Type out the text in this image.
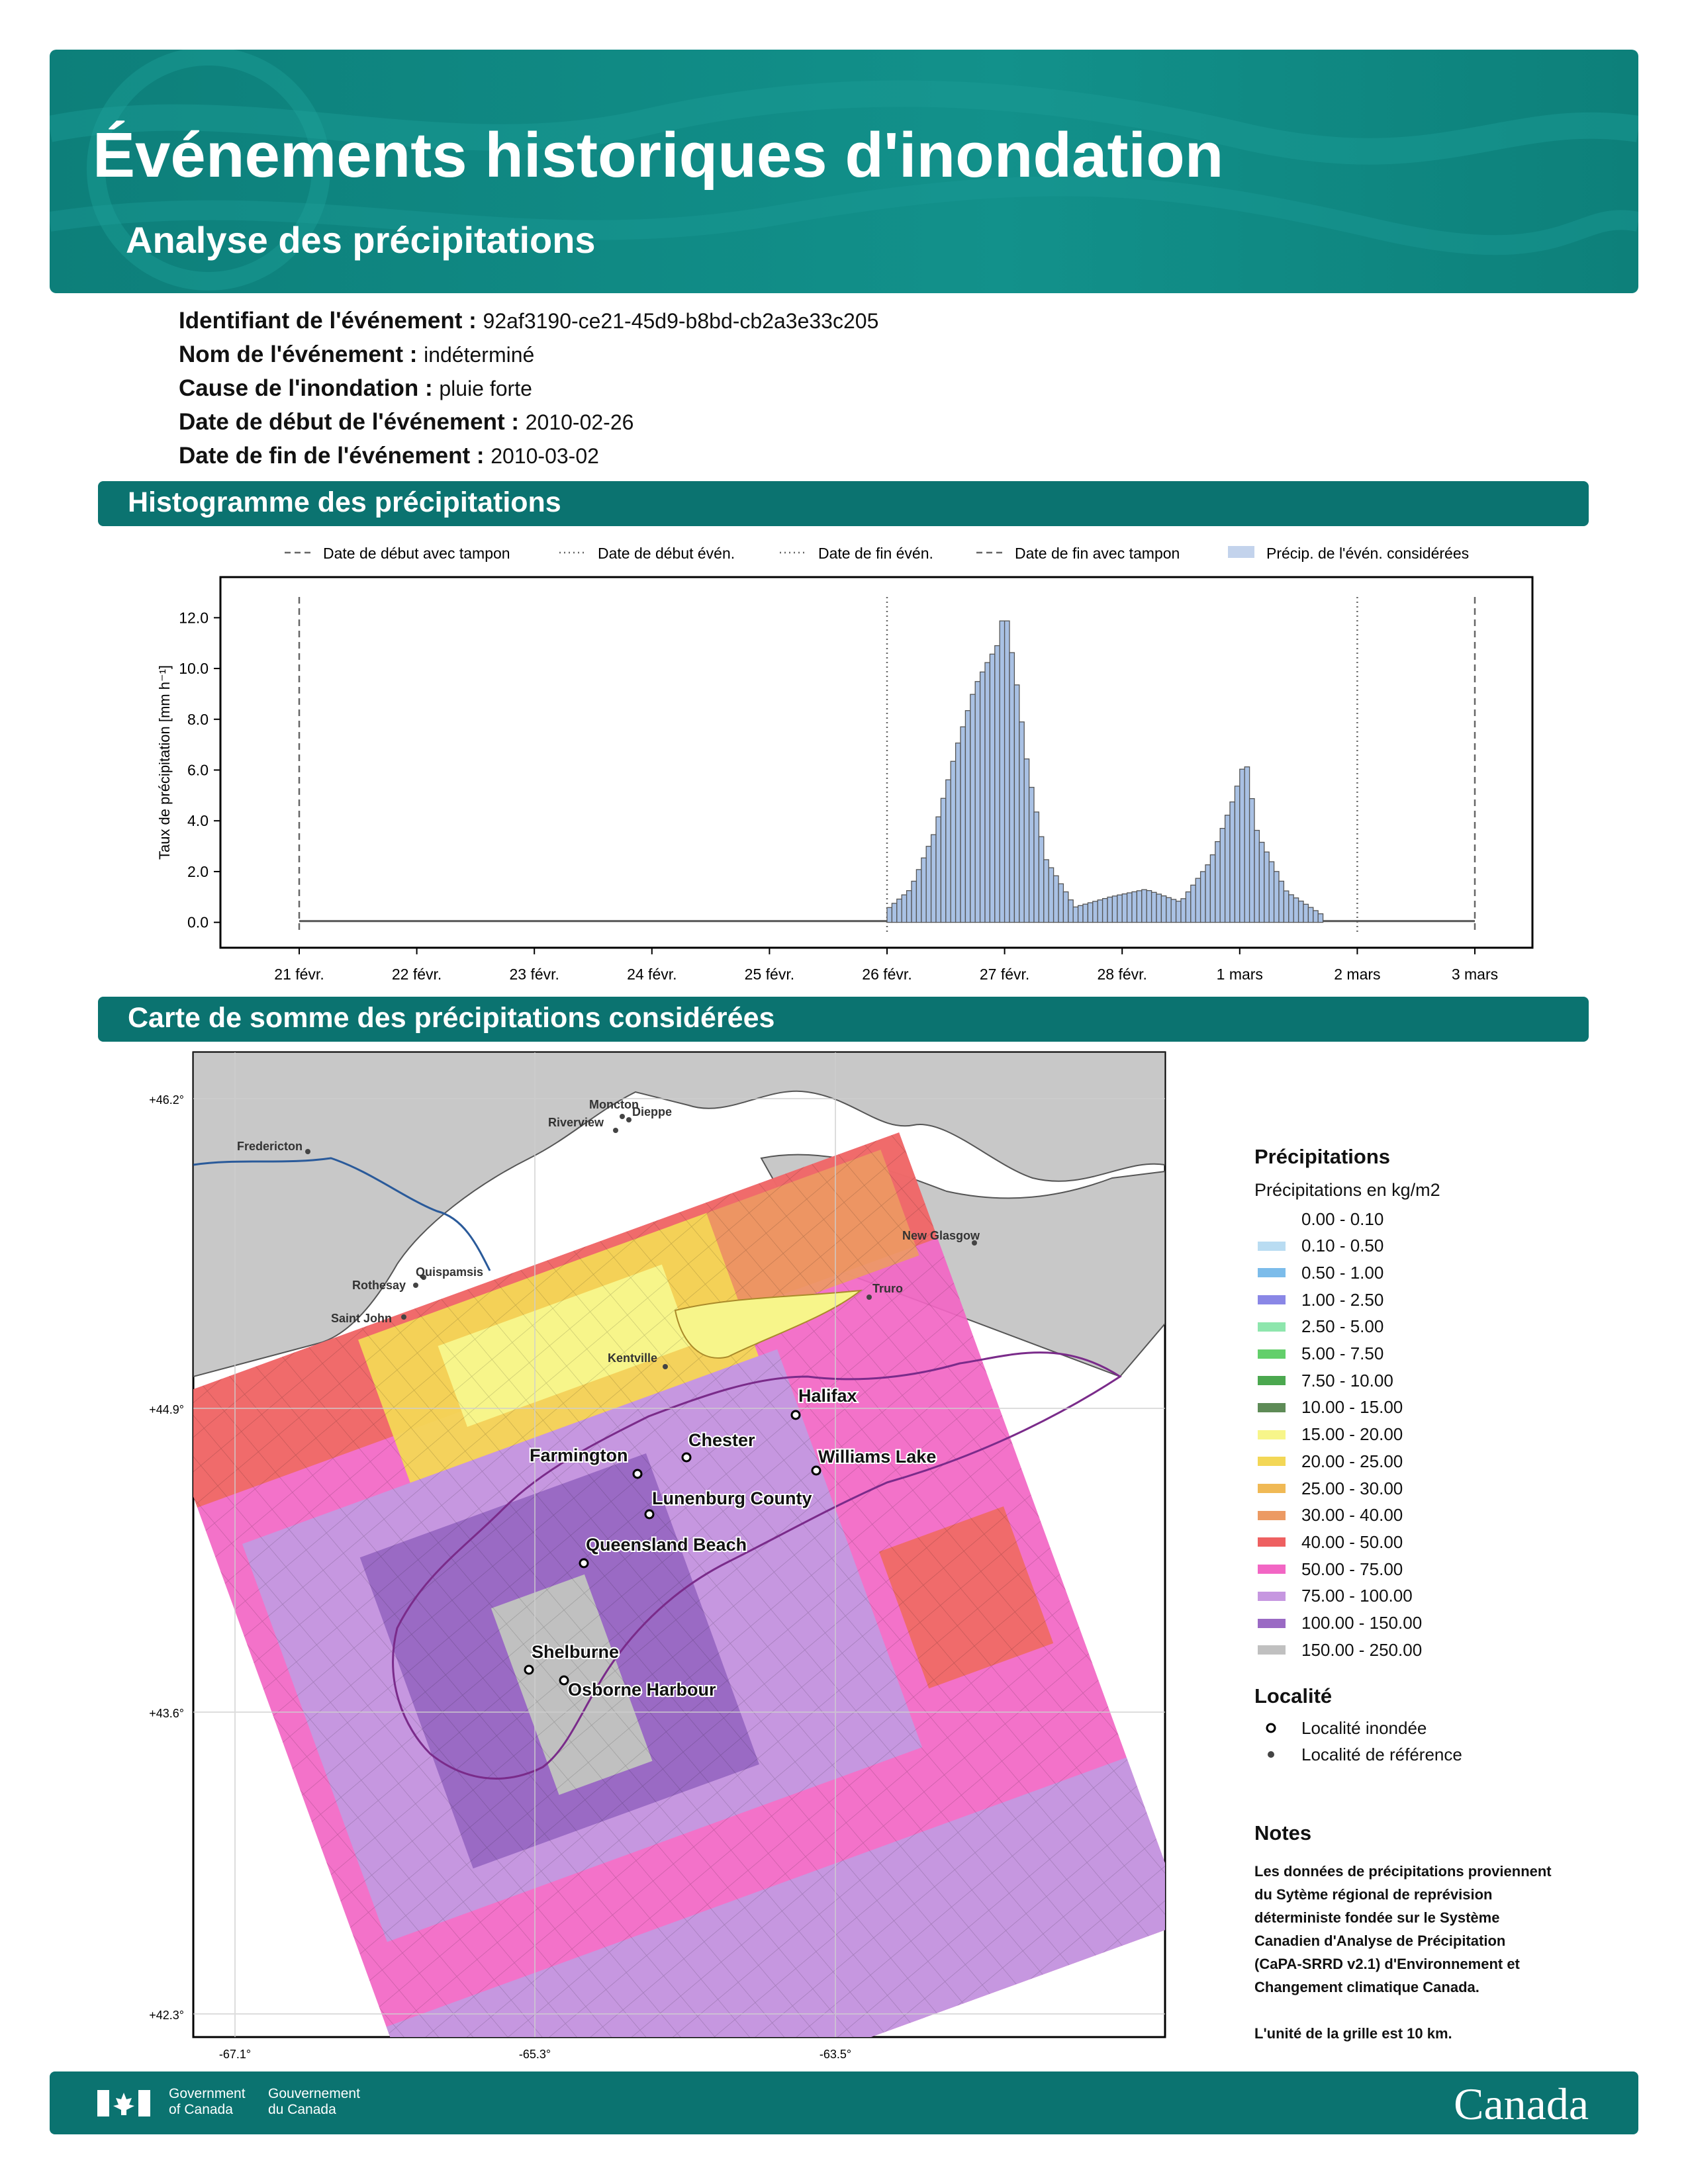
Événements historiques d'inondation
Analyse des précipitations
Identifiant de l'événement : 92af3190-ce21-45d9-b8bd-cb2a3e33c205
Nom de l'événement : indéterminé
Cause de l'inondation : pluie forte
Date de début de l'événement : 2010-02-26
Date de fin de l'événement : 2010-03-02
Histogramme des précipitations
Date de début avec tampon	Date de début évén.	Date de fin évén.	Date de fin avec tampon	Précip. de l'évén. considérées
0.0
2.0
4.0
6.0
8.0
10.0
12.0
Taux de précipitation [mm h⁻¹]
21 févr.	22 févr.	23 févr.	24 févr.	25 févr.	26 févr.	27 févr.	28 févr.	1 mars	2 mars	3 mars
Carte de somme des précipitations considérées
+46.2°
+44.9°
+43.6°
+42.3°
-67.1°	-65.3°	-63.5°
Moncton
Dieppe
Riverview
Fredericton
Quispamsis
Rothesay
Saint John
New Glasgow
Truro
Kentville
Halifax
Chester
Farmington	Williams Lake
Lunenburg County
Queensland Beach
Shelburne
Osborne Harbour
Précipitations
Précipitations en kg/m2
0.00 - 0.10
0.10 - 0.50
0.50 - 1.00
1.00 - 2.50
2.50 - 5.00
5.00 - 7.50
7.50 - 10.00
10.00 - 15.00
15.00 - 20.00
20.00 - 25.00
25.00 - 30.00
30.00 - 40.00
40.00 - 50.00
50.00 - 75.00
75.00 - 100.00
100.00 - 150.00
150.00 - 250.00
Localité
Localité inondée
Localité de référence
Notes
Les données de précipitations proviennent
du Sytème régional de reprévision
déterministe fondée sur le Système
Canadien d'Analyse de Précipitation
(CaPA-SRRD v2.1) d'Environnement et
Changement climatique Canada.
L'unité de la grille est 10 km.
Government
of Canada
Gouvernement
du Canada	Canada
